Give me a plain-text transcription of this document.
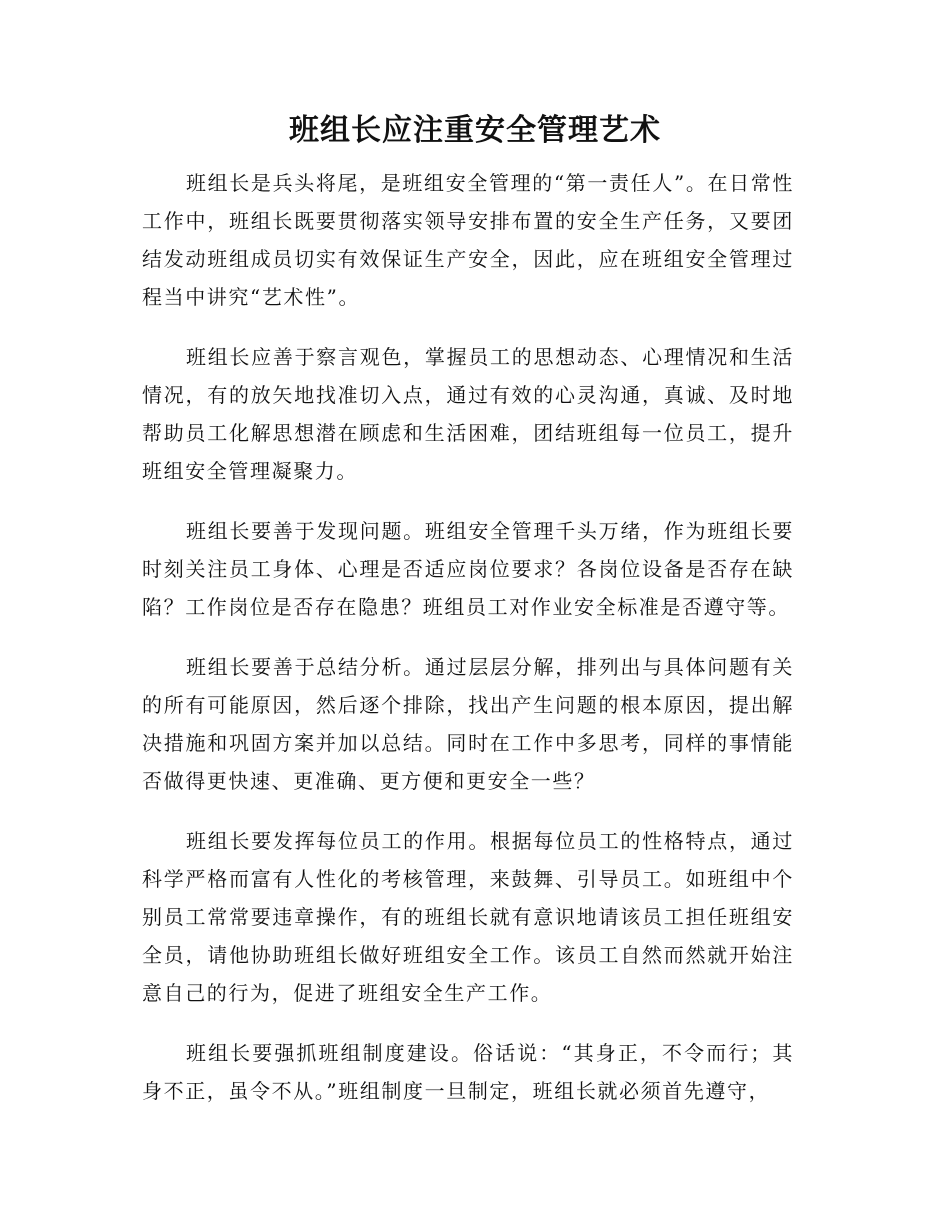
班组长应注重安全管理艺术

班组长是兵头将尾，是班组安全管理的“第一责任人”。在日常性工作中，班组长既要贯彻落实领导安排布置的安全生产任务，又要团结发动班组成员切实有效保证生产安全，因此，应在班组安全管理过程当中讲究“艺术性”。

班组长应善于察言观色，掌握员工的思想动态、心理情况和生活情况，有的放矢地找准切入点，通过有效的心灵沟通，真诚、及时地帮助员工化解思想潜在顾虑和生活困难，团结班组每一位员工，提升班组安全管理凝聚力。

班组长要善于发现问题。班组安全管理千头万绪，作为班组长要时刻关注员工身体、心理是否适应岗位要求？各岗位设备是否存在缺陷？工作岗位是否存在隐患？班组员工对作业安全标准是否遵守等。

班组长要善于总结分析。通过层层分解，排列出与具体问题有关的所有可能原因，然后逐个排除，找出产生问题的根本原因，提出解决措施和巩固方案并加以总结。同时在工作中多思考，同样的事情能否做得更快速、更准确、更方便和更安全一些？

班组长要发挥每位员工的作用。根据每位员工的性格特点，通过科学严格而富有人性化的考核管理，来鼓舞、引导员工。如班组中个别员工常常要违章操作，有的班组长就有意识地请该员工担任班组安全员，请他协助班组长做好班组安全工作。该员工自然而然就开始注意自己的行为，促进了班组安全生产工作。

班组长要强抓班组制度建设。俗话说：“其身正，不令而行；其身不正，虽令不从。”班组制度一旦制定，班组长就必须首先遵守，
